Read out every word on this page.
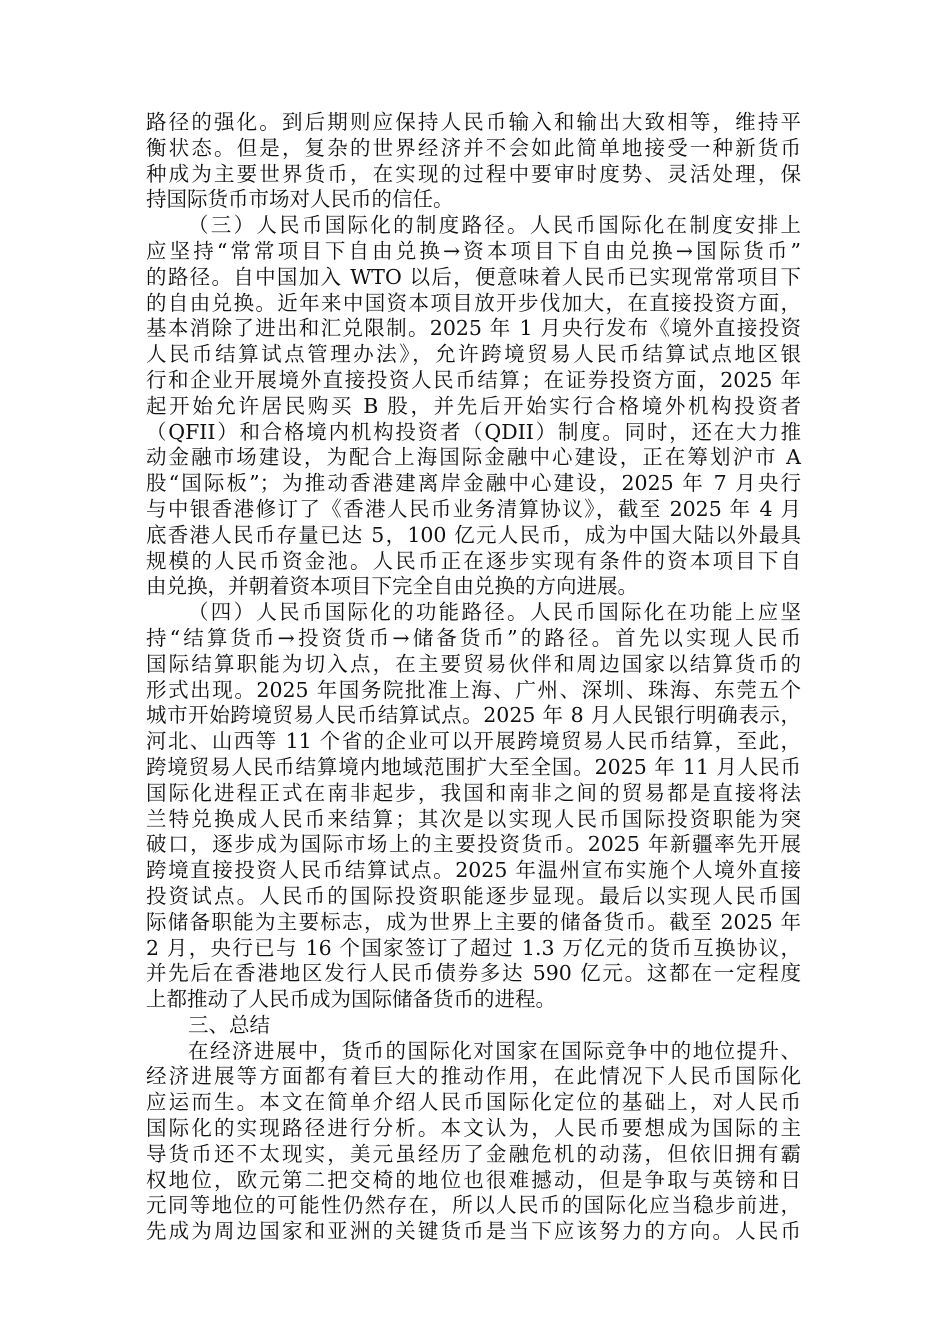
路径的强化。到后期则应保持人民币输入和输出大致相等，维持平
衡状态。但是，复杂的世界经济并不会如此简单地接受一种新货币
种成为主要世界货币，在实现的过程中要审时度势、灵活处理，保
持国际货币市场对人民币的信任。
（三）人民币国际化的制度路径。人民币国际化在制度安排上
应坚持“常常项目下自由兑换→资本项目下自由兑换→国际货币”
的路径。自中国加入 WTO 以后，便意味着人民币已实现常常项目下
的自由兑换。近年来中国资本项目放开步伐加大，在直接投资方面，
基本消除了进出和汇兑限制。2025 年 1 月央行发布《境外直接投资
人民币结算试点管理办法》，允许跨境贸易人民币结算试点地区银
行和企业开展境外直接投资人民币结算；在证券投资方面，2025 年
起开始允许居民购买 B 股，并先后开始实行合格境外机构投资者
（QFII）和合格境内机构投资者（QDII）制度。同时，还在大力推
动金融市场建设，为配合上海国际金融中心建设，正在筹划沪市 A
股“国际板”；为推动香港建离岸金融中心建设，2025 年 7 月央行
与中银香港修订了《香港人民币业务清算协议》，截至 2025 年 4 月
底香港人民币存量已达 5，100 亿元人民币，成为中国大陆以外最具
规模的人民币资金池。人民币正在逐步实现有条件的资本项目下自
由兑换，并朝着资本项目下完全自由兑换的方向进展。
（四）人民币国际化的功能路径。人民币国际化在功能上应坚
持“结算货币→投资货币→储备货币”的路径。首先以实现人民币
国际结算职能为切入点，在主要贸易伙伴和周边国家以结算货币的
形式出现。2025 年国务院批准上海、广州、深圳、珠海、东莞五个
城市开始跨境贸易人民币结算试点。2025 年 8 月人民银行明确表示，
河北、山西等 11 个省的企业可以开展跨境贸易人民币结算，至此，
跨境贸易人民币结算境内地域范围扩大至全国。2025 年 11 月人民币
国际化进程正式在南非起步，我国和南非之间的贸易都是直接将法
兰特兑换成人民币来结算；其次是以实现人民币国际投资职能为突
破口，逐步成为国际市场上的主要投资货币。2025 年新疆率先开展
跨境直接投资人民币结算试点。2025 年温州宣布实施个人境外直接
投资试点。人民币的国际投资职能逐步显现。最后以实现人民币国
际储备职能为主要标志，成为世界上主要的储备货币。截至 2025 年
2 月，央行已与 16 个国家签订了超过 1.3 万亿元的货币互换协议，
并先后在香港地区发行人民币债券多达 590 亿元。这都在一定程度
上都推动了人民币成为国际储备货币的进程。
三、总结
在经济进展中，货币的国际化对国家在国际竞争中的地位提升、
经济进展等方面都有着巨大的推动作用，在此情况下人民币国际化
应运而生。本文在简单介绍人民币国际化定位的基础上，对人民币
国际化的实现路径进行分析。本文认为，人民币要想成为国际的主
导货币还不太现实，美元虽经历了金融危机的动荡，但依旧拥有霸
权地位，欧元第二把交椅的地位也很难撼动，但是争取与英镑和日
元同等地位的可能性仍然存在，所以人民币的国际化应当稳步前进，
先成为周边国家和亚洲的关键货币是当下应该努力的方向。人民币
